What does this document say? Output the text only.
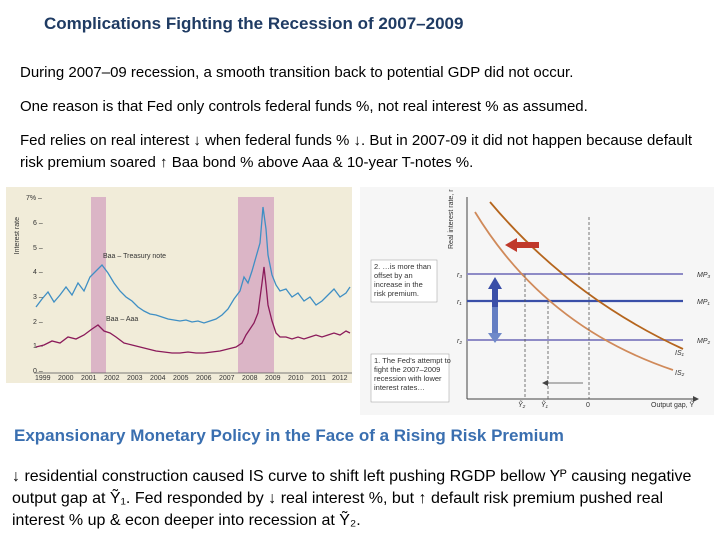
Complications Fighting the Recession of 2007–2009
During 2007–09 recession, a smooth transition back to potential GDP did not occur.
One reason is that Fed only controls federal funds %, not real interest % as assumed.
Fed relies on real interest ↓ when federal funds % ↓. But in 2007-09 it did not happen because default risk premium soared ↑ Baa bond % above Aaa & 10-year T-notes %.
Interest rate
7% –
6 –
5 –
4 –
3 –
2 –
1 –
0 –
Baa – Treasury note
Baa – Aaa
1999 2000 2001 2002 2003 2004 2005 2006 2007 2008 2009 2010 2011 2012
Real interest rate, r
Output gap, Ỹ
MP₃
MP₁
MP₂
r₃
r₁
r₂
IS₁
IS₂
Ỹ₂ Ỹ₁	0
2. …is more than offset by an increase in the risk premium.
1. The Fed’s attempt to fight the 2007–2009 recession with lower interest rates…
Expansionary Monetary Policy in the Face of a Rising Risk Premium
↓ residential construction caused IS curve to shift left pushing RGDP bellow Yᴾ causing negative output gap at Ỹ₁. Fed responded by ↓ real interest %, but ↑ default risk premium pushed real interest % up & econ deeper into recession at Ỹ₂.
